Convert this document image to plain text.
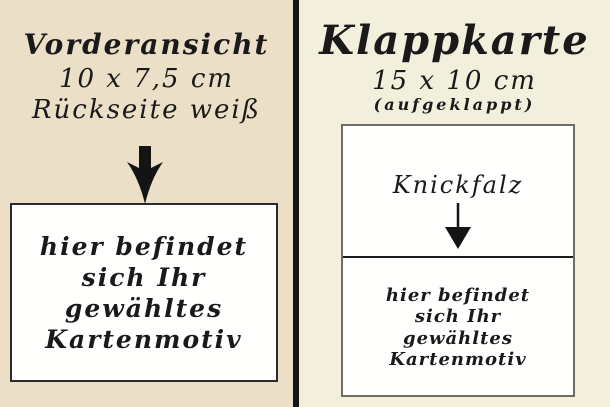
Vorderansicht
10 x 7,5 cm
Rückseite weiß
hier befindet
sich Ihr
gewähltes
Kartenmotiv
Klappkarte
15 x 10 cm
(aufgeklappt)
Knickfalz
hier befindet
sich Ihr
gewähltes
Kartenmotiv
